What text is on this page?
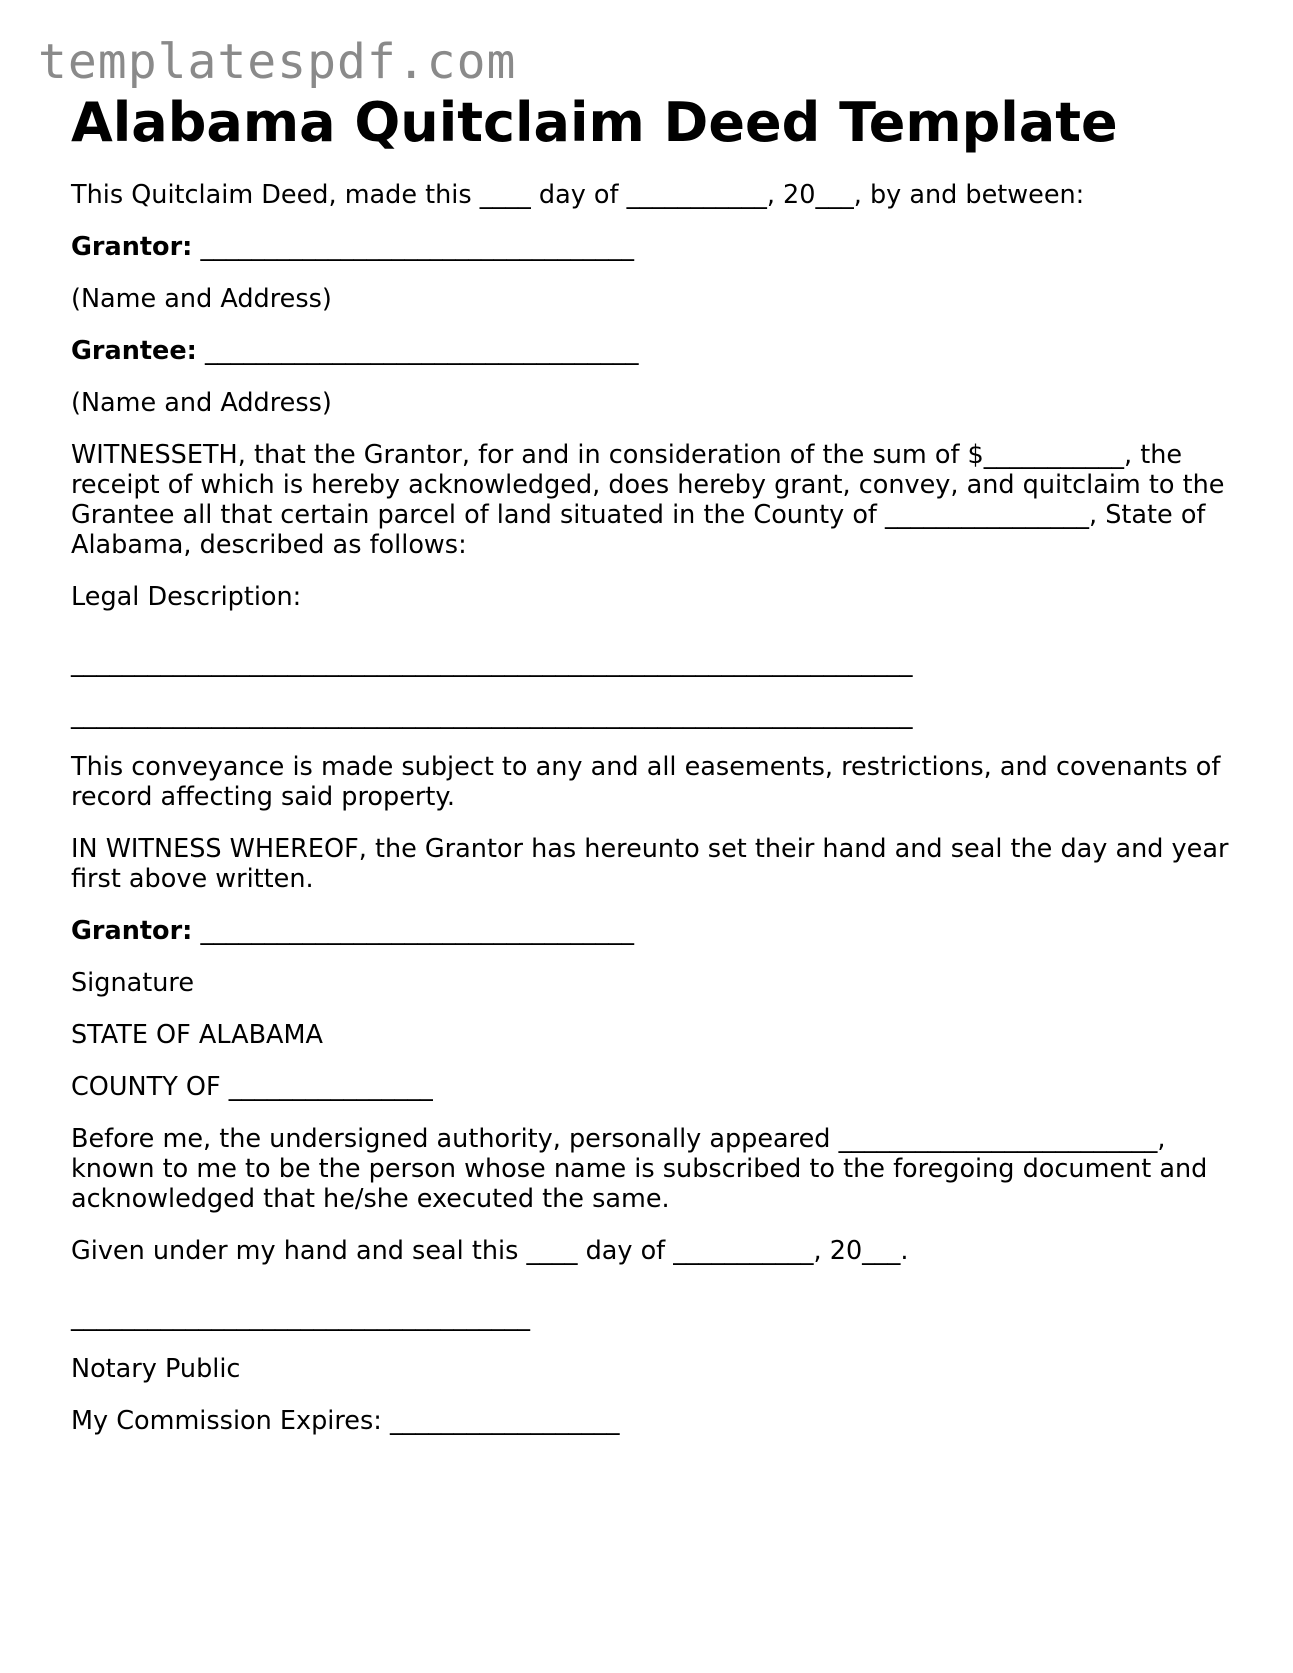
templatespdf.com
Alabama Quitclaim Deed Template

This Quitclaim Deed, made this ____ day of ___________, 20___, by and between:

Grantor: __________________________________

(Name and Address)

Grantee: __________________________________

(Name and Address)

WITNESSETH, that the Grantor, for and in consideration of the sum of $___________, the receipt of which is hereby acknowledged, does hereby grant, convey, and quitclaim to the Grantee all that certain parcel of land situated in the County of ________________, State of Alabama, described as follows:

Legal Description:

__________________________________________________________________

__________________________________________________________________

This conveyance is made subject to any and all easements, restrictions, and covenants of record affecting said property.

IN WITNESS WHEREOF, the Grantor has hereunto set their hand and seal the day and year first above written.

Grantor: __________________________________

Signature

STATE OF ALABAMA

COUNTY OF ________________

Before me, the undersigned authority, personally appeared _________________________, known to me to be the person whose name is subscribed to the foregoing document and acknowledged that he/she executed the same.

Given under my hand and seal this ____ day of ___________, 20___.

____________________________________

Notary Public

My Commission Expires: __________________
